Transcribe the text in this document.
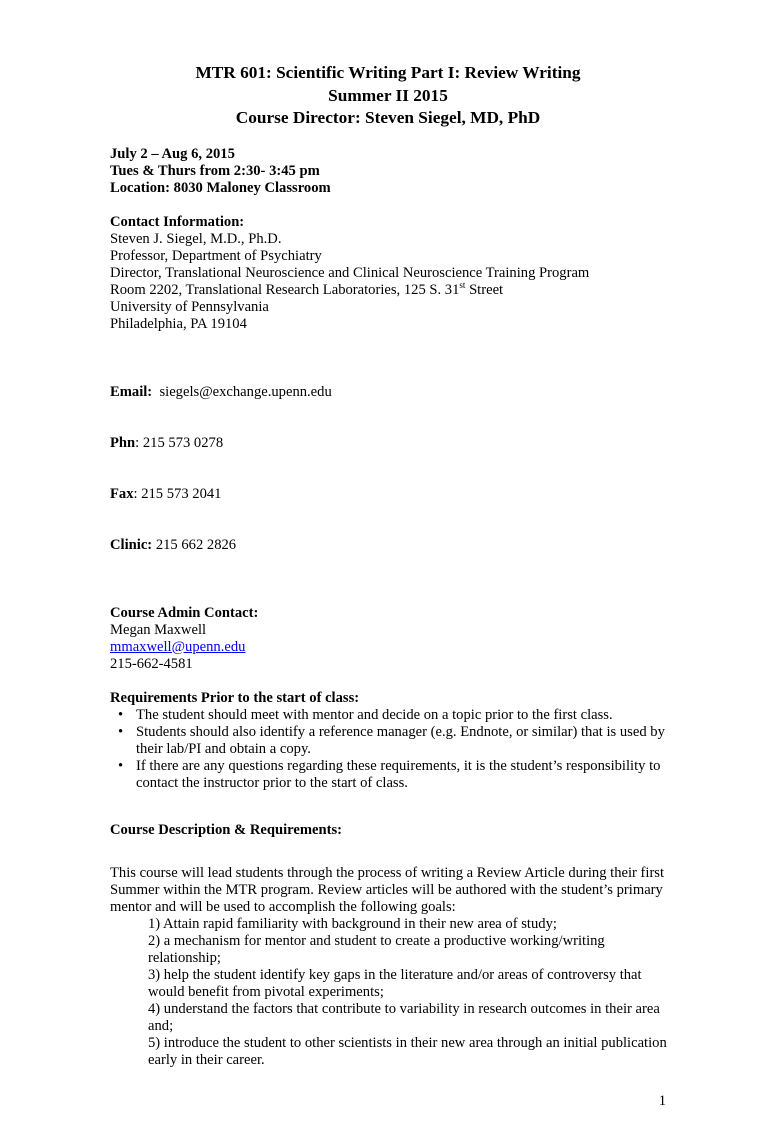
MTR 601: Scientific Writing Part I: Review Writing
Summer II 2015
Course Director: Steven Siegel, MD, PhD
July 2 – Aug 6, 2015
Tues & Thurs from 2:30- 3:45 pm
Location: 8030 Maloney Classroom
Contact Information:
Steven J. Siegel, M.D., Ph.D.
Professor, Department of Psychiatry
Director, Translational Neuroscience and Clinical Neuroscience Training Program
Room 2202, Translational Research Laboratories, 125 S. 31st Street
University of Pennsylvania
Philadelphia, PA 19104

Email:  siegels@exchange.upenn.edu

Phn: 215 573 0278

Fax: 215 573 2041

Clinic: 215 662 2826

Course Admin Contact:
Megan Maxwell
mmaxwell@upenn.edu
215-662-4581
Requirements Prior to the start of class:
• The student should meet with mentor and decide on a topic prior to the first class.
• Students should also identify a reference manager (e.g. Endnote, or similar) that is used by their lab/PI and obtain a copy.
• If there are any questions regarding these requirements, it is the student’s responsibility to contact the instructor prior to the start of class.
Course Description & Requirements:
This course will lead students through the process of writing a Review Article during their first Summer within the MTR program. Review articles will be authored with the student’s primary mentor and will be used to accomplish the following goals:
1) Attain rapid familiarity with background in their new area of study;
2) a mechanism for mentor and student to create a productive working/writing relationship;
3) help the student identify key gaps in the literature and/or areas of controversy that would benefit from pivotal experiments;
4) understand the factors that contribute to variability in research outcomes in their area and;
5) introduce the student to other scientists in their new area through an initial publication early in their career.
1
